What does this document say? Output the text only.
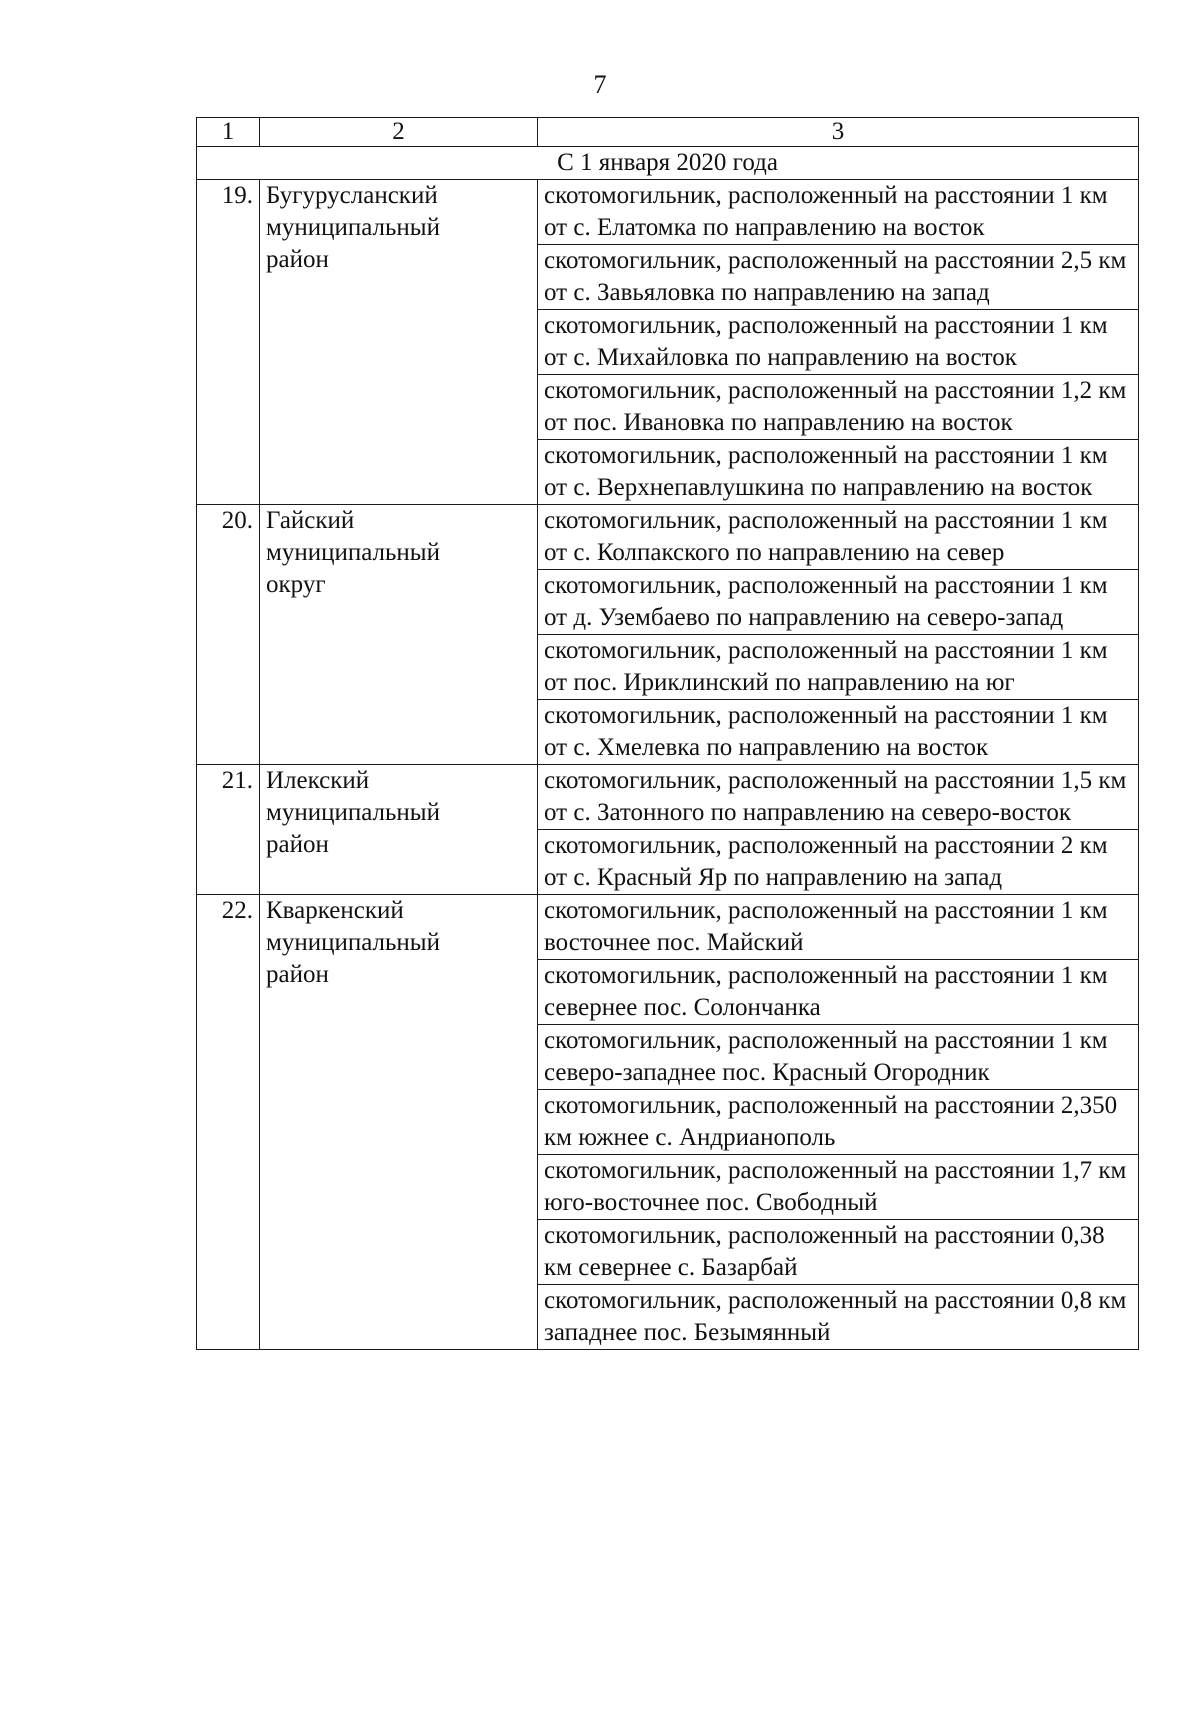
7
1	2	3
С 1 января 2020 года		
19.	Бугурусланский
муниципальный
район	скотомогильник, расположенный на расстоянии 1 км от с. Елатомка по направлению на восток
		скотомогильник, расположенный на расстоянии 2,5 км от с. Завьяловка по направлению на запад
		скотомогильник, расположенный на расстоянии 1 км от с. Михайловка по направлению на восток
		скотомогильник, расположенный на расстоянии 1,2 км от пос. Ивановка по направлению на восток
		скотомогильник, расположенный на расстоянии 1 км от с. Верхнепавлушкина по направлению на восток
20.	Гайский
муниципальный
округ	скотомогильник, расположенный на расстоянии 1 км от с. Колпакского по направлению на север
		скотомогильник, расположенный на расстоянии 1 км от д. Узембаево по направлению на северо-запад
		скотомогильник, расположенный на расстоянии 1 км от пос. Ириклинский по направлению на юг
		скотомогильник, расположенный на расстоянии 1 км от с. Хмелевка по направлению на восток
21.	Илекский
муниципальный
район	скотомогильник, расположенный на расстоянии 1,5 км от с. Затонного по направлению на северо-восток
		скотомогильник, расположенный на расстоянии 2 км от с. Красный Яр по направлению на запад
22.	Кваркенский
муниципальный
район	скотомогильник, расположенный на расстоянии 1 км восточнее пос. Майский
		скотомогильник, расположенный на расстоянии 1 км севернее пос. Солончанка
		скотомогильник, расположенный на расстоянии 1 км северо-западнее пос. Красный Огородник
		скотомогильник, расположенный на расстоянии 2,350 км южнее с. Андрианополь
		скотомогильник, расположенный на расстоянии 1,7 км юго-восточнее пос. Свободный
		скотомогильник, расположенный на расстоянии 0,38 км севернее с. Базарбай
		скотомогильник, расположенный на расстоянии 0,8 км западнее пос. Безымянный
